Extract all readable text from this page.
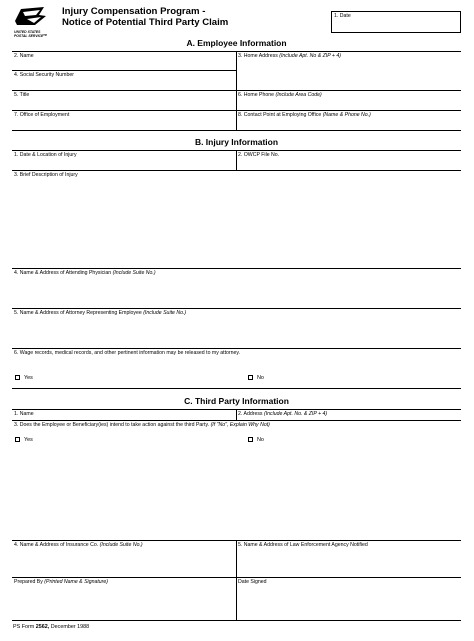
UNITED STATES
POSTAL SERVICE™
Injury Compensation Program -
Notice of Potential Third Party Claim
1. Date
A. Employee Information
2. Name	3. Home Address (Include Apt. No & ZIP + 4)
4. Social Security Number
5. Title	6. Home Phone (Include Area Code)
7. Office of Employment	8. Contact Point at Employing Office (Name & Phone No.)
B. Injury Information
1. Date & Location of Injury	2. OWCP File No.
3. Brief Description of Injury
4. Name & Address of Attending Physician (Include Suite No.)
5. Name & Address of Attorney Representing Employee (Include Suite No.)
6. Wage records, medical records, and other pertinent information may be released to my attorney.
Yes	No
C. Third Party Information
1. Name	2. Address (Include Apt. No. & ZIP + 4)
3. Does the Employee or Beneficiary(ies) intend to take action against the third Party. (If "No", Explain Why Not)
Yes	No
4. Name & Address of Insurance Co. (Include Suite No.)	5. Name & Address of Law Enforcement Agency Notified
Prepared By (Printed Name & Signature)	Date Signed
PS Form 2562, December 1988
